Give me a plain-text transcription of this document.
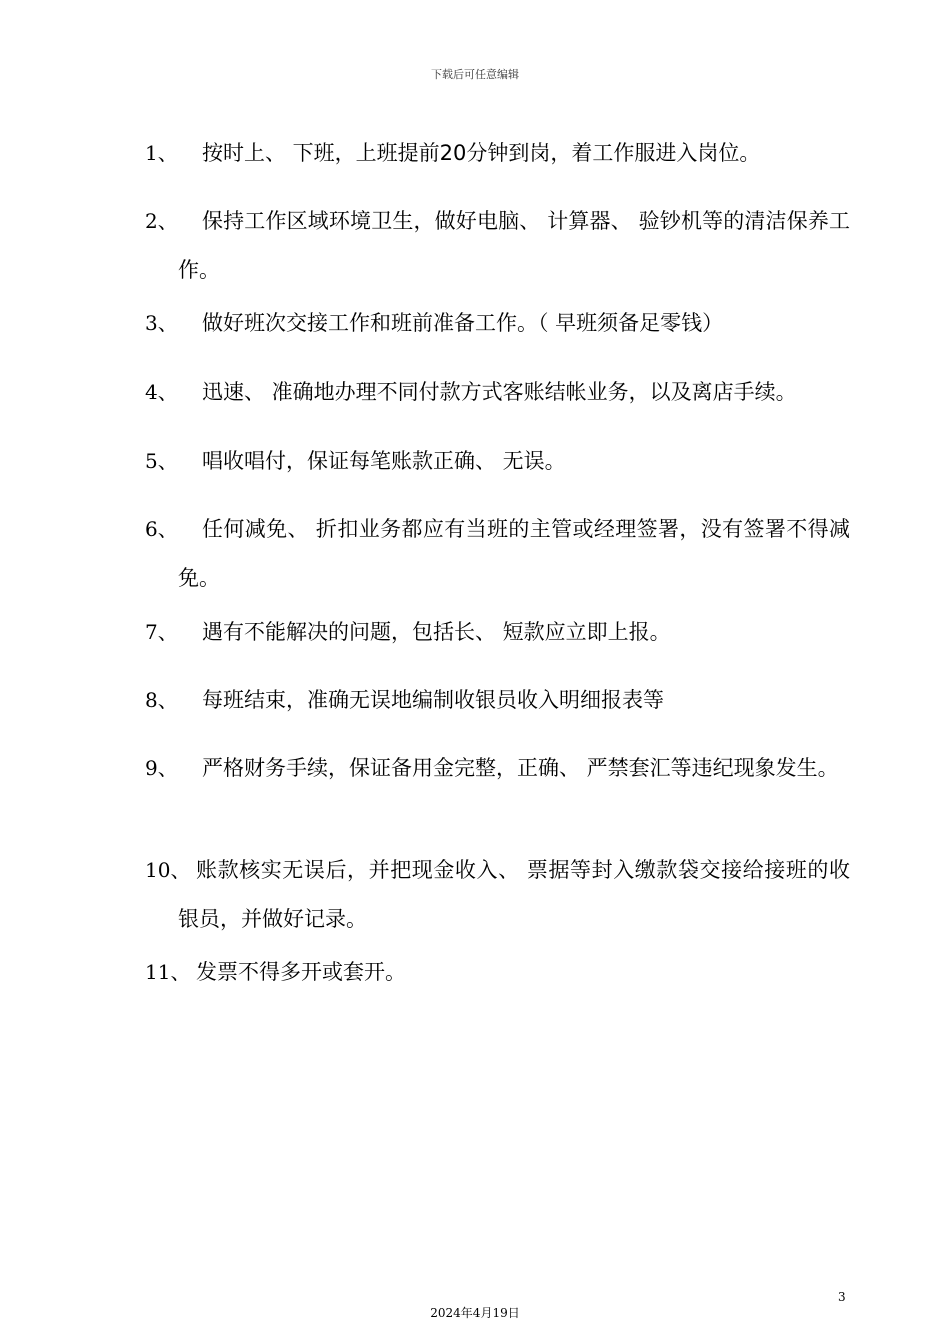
下载后可任意编辑
1、	按时上、 下班，上班提前20分钟到岗，着工作服进入岗位。
2、	保持工作区域环境卫生，做好电脑、 计算器、 验钞机等的清洁保养工作。
3、	做好班次交接工作和班前准备工作。（ 早班须备足零钱）
4、	迅速、 准确地办理不同付款方式客账结帐业务，以及离店手续。
5、	唱收唱付，保证每笔账款正确、 无误。
6、	任何减免、 折扣业务都应有当班的主管或经理签署，没有签署不得减免。
7、	遇有不能解决的问题，包括长、 短款应立即上报。
8、	每班结束，准确无误地编制收银员收入明细报表等
9、	严格财务手续，保证备用金完整，正确、 严禁套汇等违纪现象发生。
10、 账款核实无误后，并把现金收入、 票据等封入缴款袋交接给接班的收银员，并做好记录。
11、 发票不得多开或套开。
3
2024年4月19日
